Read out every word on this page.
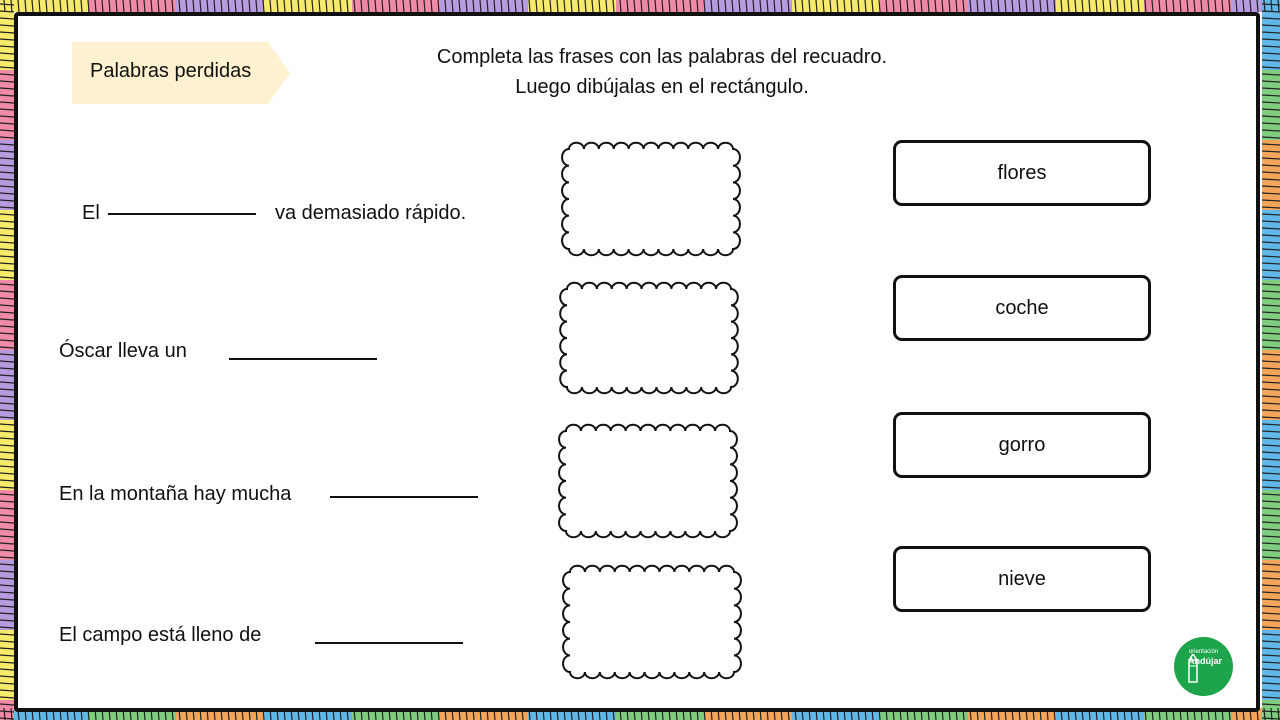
Palabras perdidas
Completa las frases con las palabras del recuadro.
Luego dibújalas en el rectángulo.
El	va demasiado rápido.
Óscar lleva un
En la montaña hay mucha
El campo está lleno de
flores
coche
gorro
nieve
orientación
Andújar
